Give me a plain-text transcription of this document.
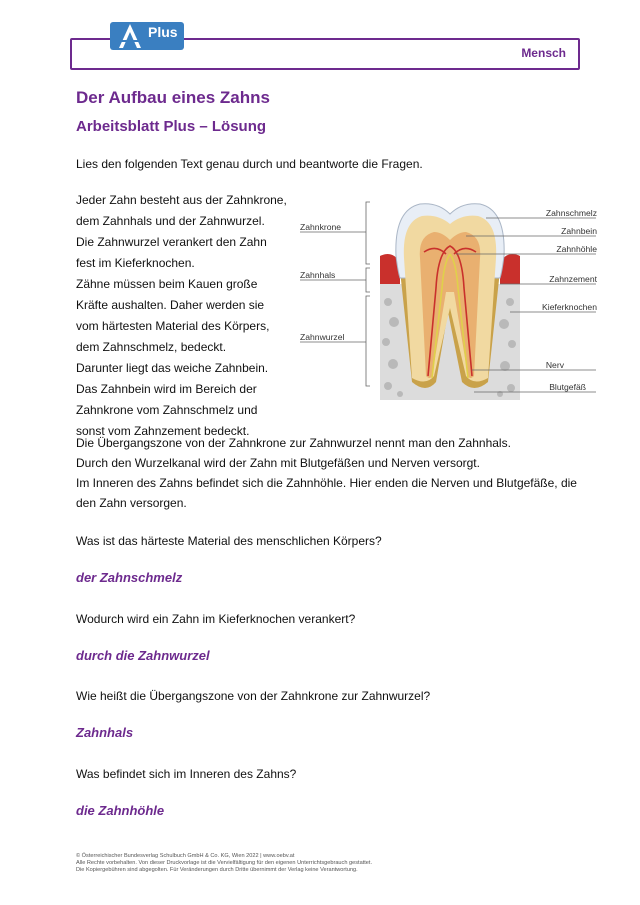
Mensch
Plus
Der Aufbau eines Zahns
Arbeitsblatt Plus – Lösung
Lies den folgenden Text genau durch und beantworte die Fragen.
Jeder Zahn besteht aus der Zahnkrone,
dem Zahnhals und der Zahnwurzel.
Die Zahnwurzel verankert den Zahn
fest im Kieferknochen.
Zähne müssen beim Kauen große
Kräfte aushalten. Daher werden sie
vom härtesten Material des Körpers,
dem Zahnschmelz, bedeckt.
Darunter liegt das weiche Zahnbein.
Das Zahnbein wird im Bereich der
Zahnkrone vom Zahnschmelz und
sonst vom Zahnzement bedeckt.
Zahnkrone
Zahnhals
Zahnwurzel
Zahnschmelz
Zahnbein
Zahnhöhle
Zahnzement
Kieferknochen
Nerv
Blutgefäß
Die Übergangszone von der Zahnkrone zur Zahnwurzel nennt man den Zahnhals.
Durch den Wurzelkanal wird der Zahn mit Blutgefäßen und Nerven versorgt.
Im Inneren des Zahns befindet sich die Zahnhöhle. Hier enden die Nerven und Blutgefäße, die
den Zahn versorgen.
Was ist das härteste Material des menschlichen Körpers?
der Zahnschmelz
Wodurch wird ein Zahn im Kieferknochen verankert?
durch die Zahnwurzel
Wie heißt die Übergangszone von der Zahnkrone zur Zahnwurzel?
Zahnhals
Was befindet sich im Inneren des Zahns?
die Zahnhöhle
© Österreichischer Bundesverlag Schulbuch GmbH & Co. KG, Wien 2022 | www.oebv.at
Alle Rechte vorbehalten. Von dieser Druckvorlage ist die Vervielfältigung für den eigenen Unterrichtsgebrauch gestattet.
Die Kopiergebühren sind abgegolten. Für Veränderungen durch Dritte übernimmt der Verlag keine Verantwortung.
